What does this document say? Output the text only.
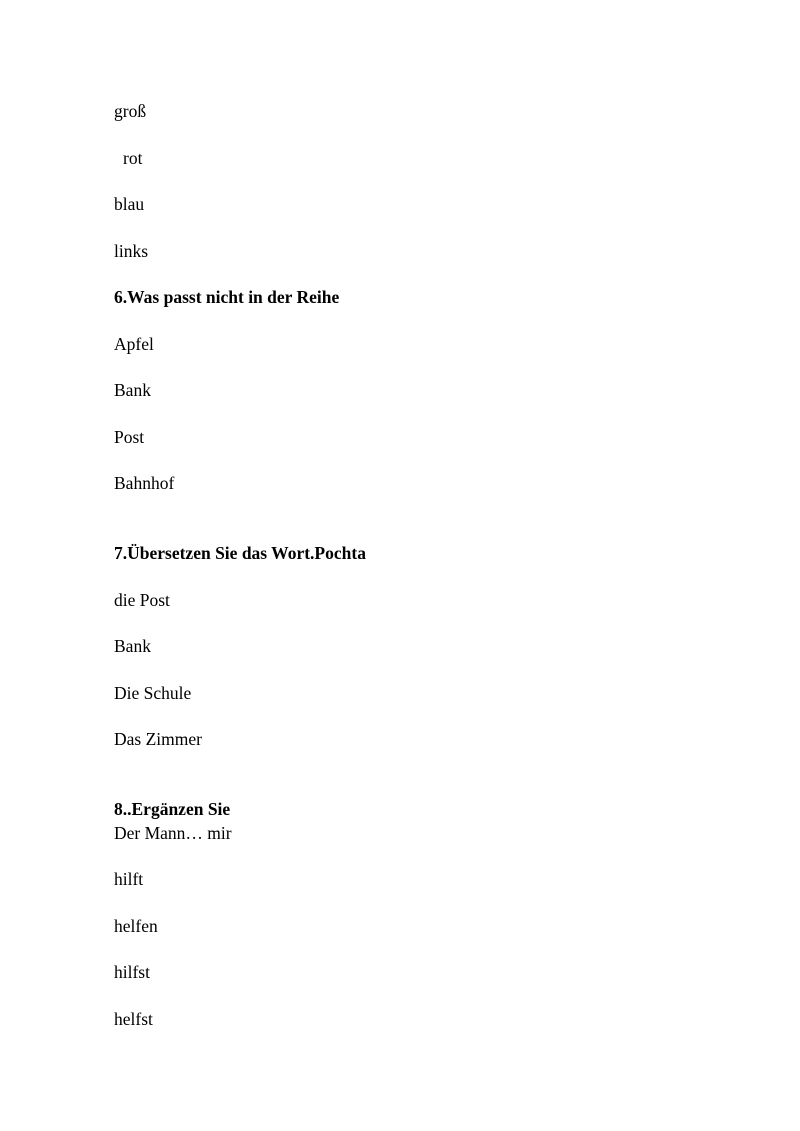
groß
rot
blau
links
6.Was passt nicht in der Reihe
Apfel
Bank
Post
Bahnhof
7.Übersetzen Sie das Wort.Pochta
die Post
Bank
Die Schule
Das Zimmer
8..Ergänzen Sie
Der Mann… mir
hilft
helfen
hilfst
helfst
